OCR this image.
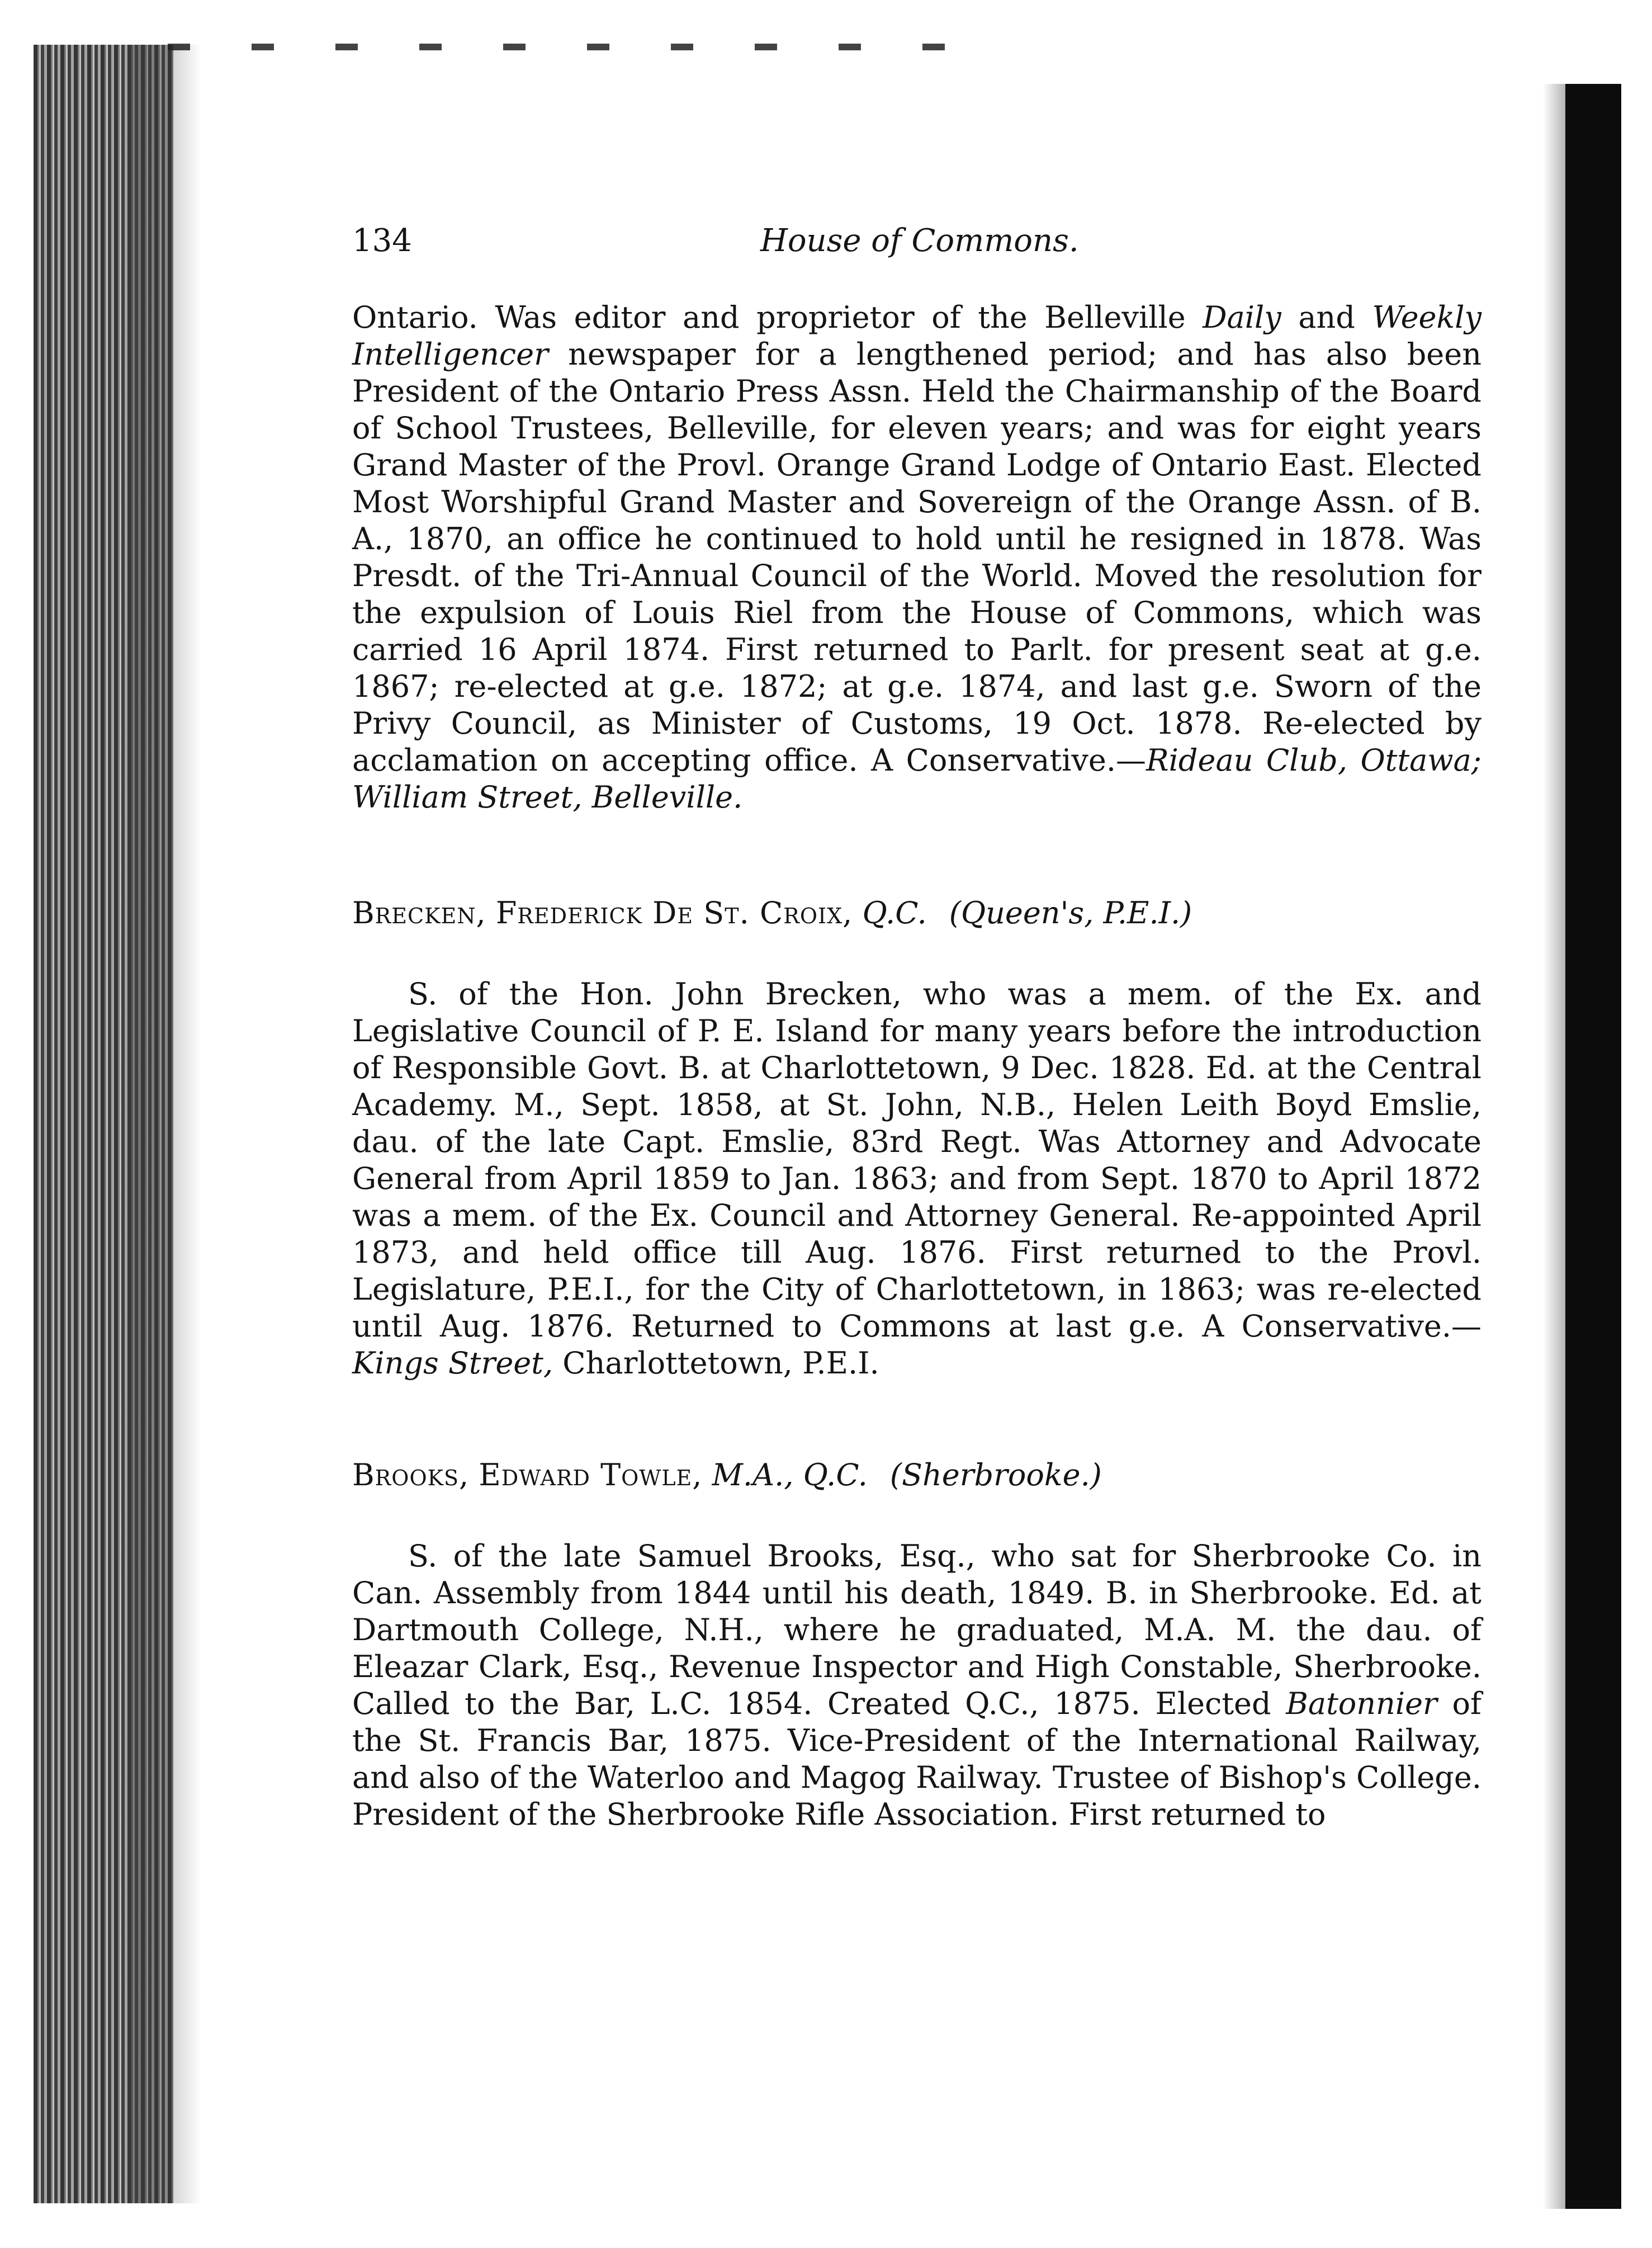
134	House of Commons.

Ontario. Was editor and proprietor of the Belleville Daily and Weekly Intelligencer newspaper for a lengthened period; and has also been President of the Ontario Press Assn. Held the Chairmanship of the Board of School Trustees, Belleville, for eleven years; and was for eight years Grand Master of the Provl. Orange Grand Lodge of Ontario East. Elected Most Worshipful Grand Master and Sovereign of the Orange Assn. of B. A., 1870, an office he continued to hold until he resigned in 1878. Was Presdt. of the Tri-Annual Council of the World. Moved the resolution for the expulsion of Louis Riel from the House of Commons, which was carried 16 April 1874. First returned to Parlt. for present seat at g.e. 1867; re-elected at g.e. 1872; at g.e. 1874, and last g.e. Sworn of the Privy Council, as Minister of Customs, 19 Oct. 1878. Re-elected by acclamation on accepting office. A Conservative.—Rideau Club, Ottawa; William Street, Belleville.

Brecken, Frederick De St. Croix, Q.C. (Queen's, P.E.I.)

S. of the Hon. John Brecken, who was a mem. of the Ex. and Legislative Council of P. E. Island for many years before the introduction of Responsible Govt. B. at Charlottetown, 9 Dec. 1828. Ed. at the Central Academy. M., Sept. 1858, at St. John, N.B., Helen Leith Boyd Emslie, dau. of the late Capt. Emslie, 83rd Regt. Was Attorney and Advocate General from April 1859 to Jan. 1863; and from Sept. 1870 to April 1872 was a mem. of the Ex. Council and Attorney General. Re-appointed April 1873, and held office till Aug. 1876. First returned to the Provl. Legislature, P.E.I., for the City of Charlottetown, in 1863; was re-elected until Aug. 1876. Returned to Commons at last g.e. A Conservative.—Kings Street, Charlottetown, P.E.I.

Brooks, Edward Towle, M.A., Q.C. (Sherbrooke.)

S. of the late Samuel Brooks, Esq., who sat for Sherbrooke Co. in Can. Assembly from 1844 until his death, 1849. B. in Sherbrooke. Ed. at Dartmouth College, N.H., where he graduated, M.A. M. the dau. of Eleazar Clark, Esq., Revenue Inspector and High Constable, Sherbrooke. Called to the Bar, L.C. 1854. Created Q.C., 1875. Elected Batonnier of the St. Francis Bar, 1875. Vice-President of the International Railway, and also of the Waterloo and Magog Railway. Trustee of Bishop's College. President of the Sherbrooke Rifle Association. First returned to
